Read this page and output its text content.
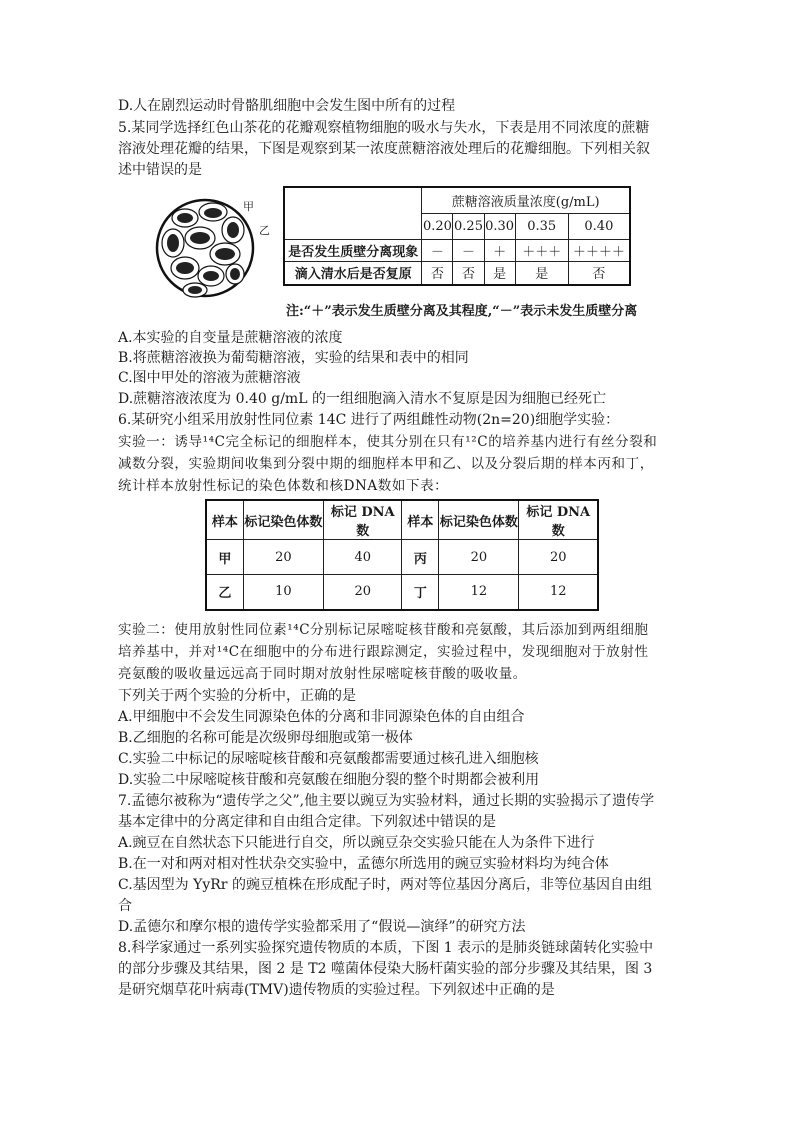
D.人在剧烈运动时骨骼肌细胞中会发生图中所有的过程
5.某同学选择红色山茶花的花瓣观察植物细胞的吸水与失水，下表是用不同浓度的蔗糖
溶液处理花瓣的结果，下图是观察到某一浓度蔗糖溶液处理后的花瓣细胞。下列相关叙
述中错误的是
甲
乙
	蔗糖溶液质量浓度(g/mL)				
	0.20	0.25	0.30	0.35	0.40
是否发生质壁分离现象	－	－	＋	＋＋＋	＋＋＋＋
滴入清水后是否复原	否	否	是	是	否
注:“＋”表示发生质壁分离及其程度,“－”表示未发生质壁分离
A.本实验的自变量是蔗糖溶液的浓度
B.将蔗糖溶液换为葡萄糖溶液，实验的结果和表中的相同
C.图中甲处的溶液为蔗糖溶液
D.蔗糖溶液浓度为 0.40 g/mL 的一组细胞滴入清水不复原是因为细胞已经死亡
6.某研究小组采用放射性同位素 14C 进行了两组雌性动物(2n=20)细胞学实验：
实验一：诱导¹⁴C完全标记的细胞样本，使其分别在只有¹²C的培养基内进行有丝分裂和
减数分裂，实验期间收集到分裂中期的细胞样本甲和乙、以及分裂后期的样本丙和丁，
统计样本放射性标记的染色体数和核DNA数如下表：
样本	标记染色体数	标记 DNA 数	样本	标记染色体数	标记 DNA 数
甲	20	40	丙	20	20
乙	10	20	丁	12	12
实验二：使用放射性同位素¹⁴C分别标记尿嘧啶核苷酸和亮氨酸，其后添加到两组细胞
培养基中，并对¹⁴C在细胞中的分布进行跟踪测定，实验过程中，发现细胞对于放射性
亮氨酸的吸收量远远高于同时期对放射性尿嘧啶核苷酸的吸收量。
下列关于两个实验的分析中，正确的是
A.甲细胞中不会发生同源染色体的分离和非同源染色体的自由组合
B.乙细胞的名称可能是次级卵母细胞或第一极体
C.实验二中标记的尿嘧啶核苷酸和亮氨酸都需要通过核孔进入细胞核
D.实验二中尿嘧啶核苷酸和亮氨酸在细胞分裂的整个时期都会被利用
7.孟德尔被称为“遗传学之父”,他主要以豌豆为实验材料，通过长期的实验揭示了遗传学
基本定律中的分离定律和自由组合定律。下列叙述中错误的是
A.豌豆在自然状态下只能进行自交，所以豌豆杂交实验只能在人为条件下进行
B.在一对和两对相对性状杂交实验中，孟德尔所选用的豌豆实验材料均为纯合体
C.基因型为 YyRr 的豌豆植株在形成配子时，两对等位基因分离后，非等位基因自由组
合
D.孟德尔和摩尔根的遗传学实验都采用了“假说—演绎”的研究方法
8.科学家通过一系列实验探究遗传物质的本质，下图 1 表示的是肺炎链球菌转化实验中
的部分步骤及其结果，图 2 是 T2 噬菌体侵染大肠杆菌实验的部分步骤及其结果，图 3
是研究烟草花叶病毒(TMV)遗传物质的实验过程。下列叙述中正确的是
